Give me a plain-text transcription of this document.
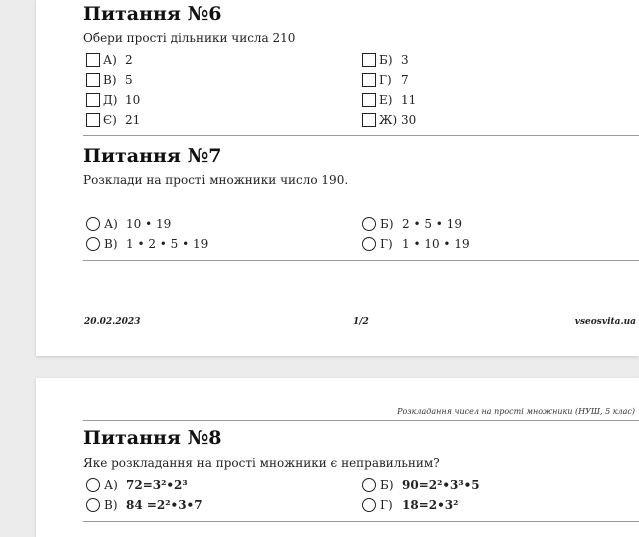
Питання №6
Обери прості дільники числа 210
А) 2	Б) 3
В) 5	Г) 7
Д) 10	Е) 11
Є) 21	Ж) 30
Питання №7
Розклади на прості множники число 190.
А) 10 • 19	Б) 2 • 5 • 19
В) 1 • 2 • 5 • 19	Г) 1 • 10 • 19
20.02.2023	1/2	vseosvita.ua
Розкладання чисел на прості множники (НУШ, 5 клас)
Питання №8
Яке розкладання на прості множники є неправильним?
А) 72=3²•2³	Б) 90=2²•3³•5
В) 84 =2²•3•7	Г) 18=2•3²
